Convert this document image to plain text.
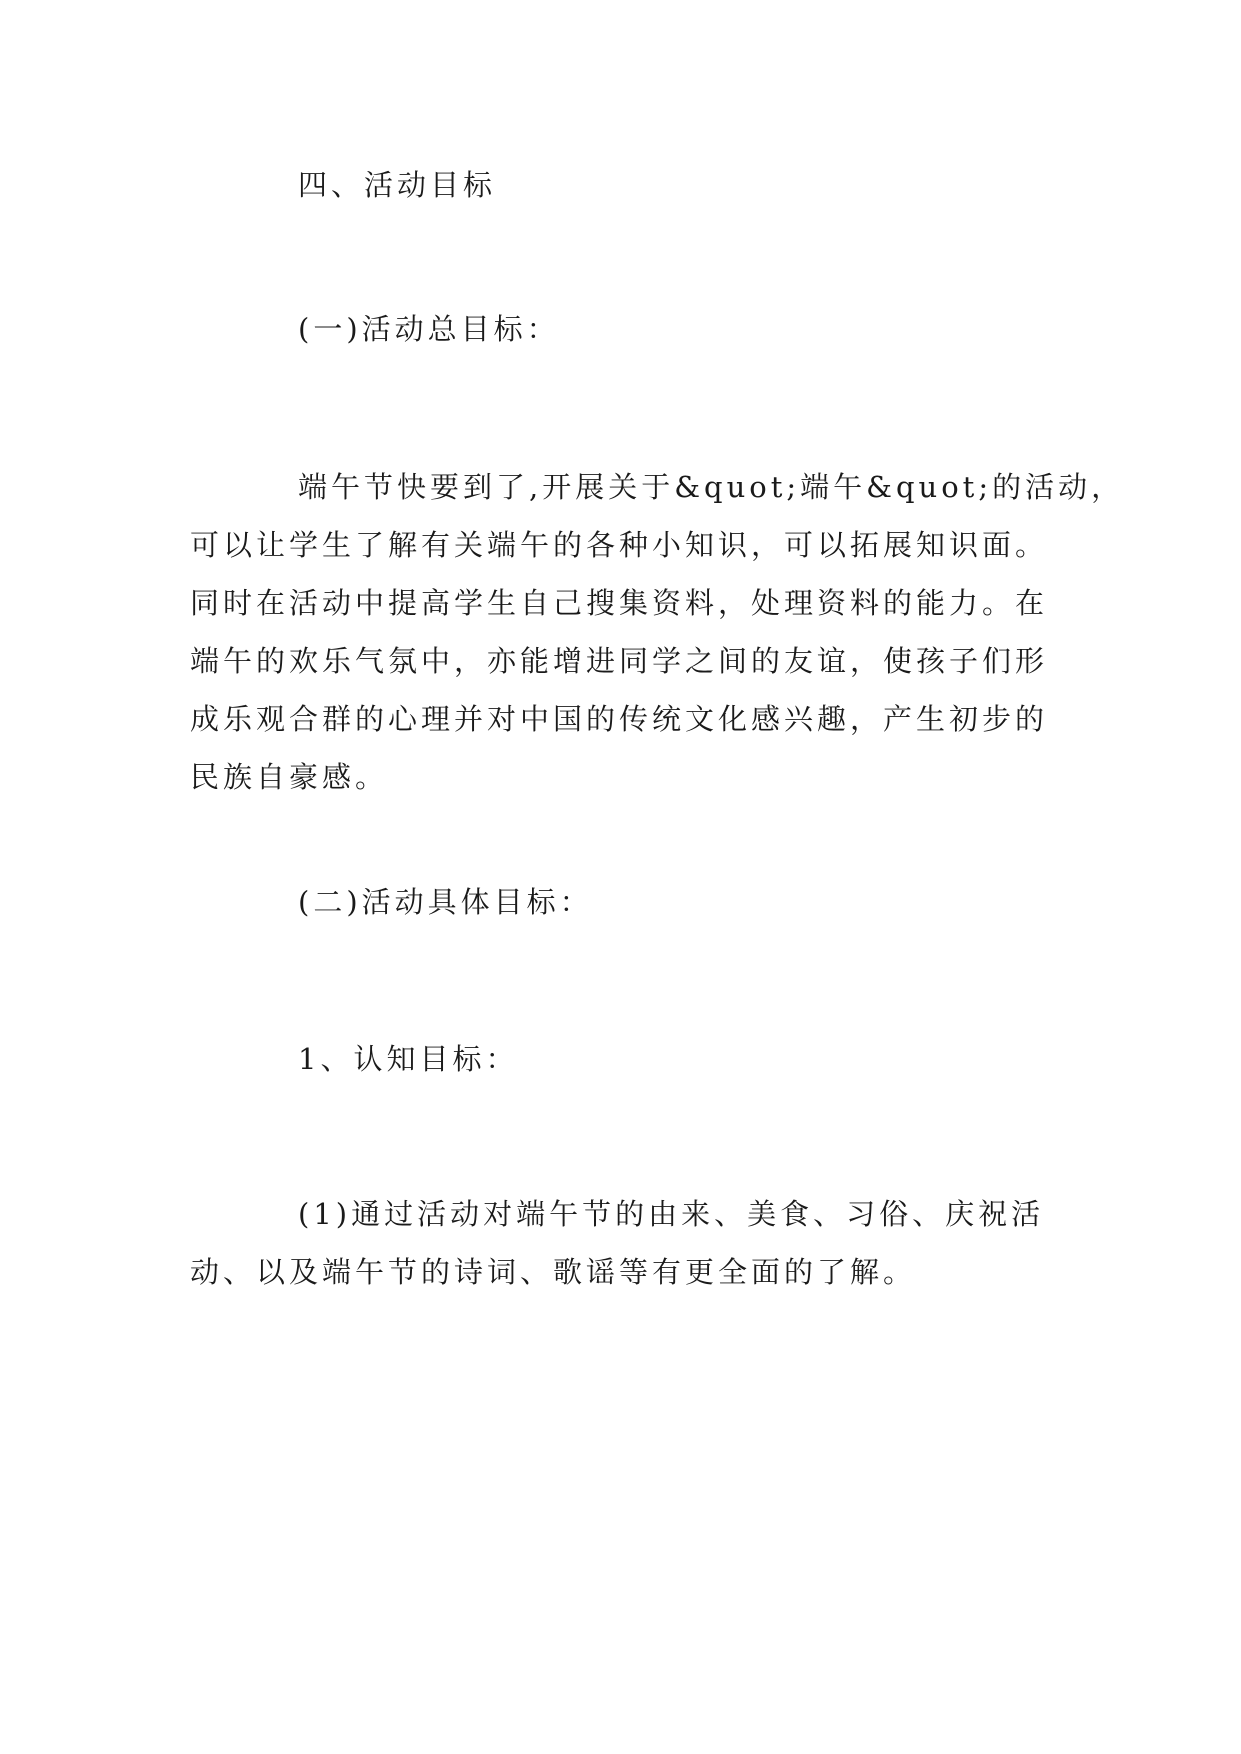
四、活动目标

(一)活动总目标：

端午节快要到了,开展关于&quot;端午&quot;的活动，
可以让学生了解有关端午的各种小知识，可以拓展知识面。
同时在活动中提高学生自己搜集资料，处理资料的能力。在
端午的欢乐气氛中，亦能增进同学之间的友谊，使孩子们形
成乐观合群的心理并对中国的传统文化感兴趣，产生初步的
民族自豪感。

(二)活动具体目标：

1、认知目标：

(1)通过活动对端午节的由来、美食、习俗、庆祝活
动、以及端午节的诗词、歌谣等有更全面的了解。
